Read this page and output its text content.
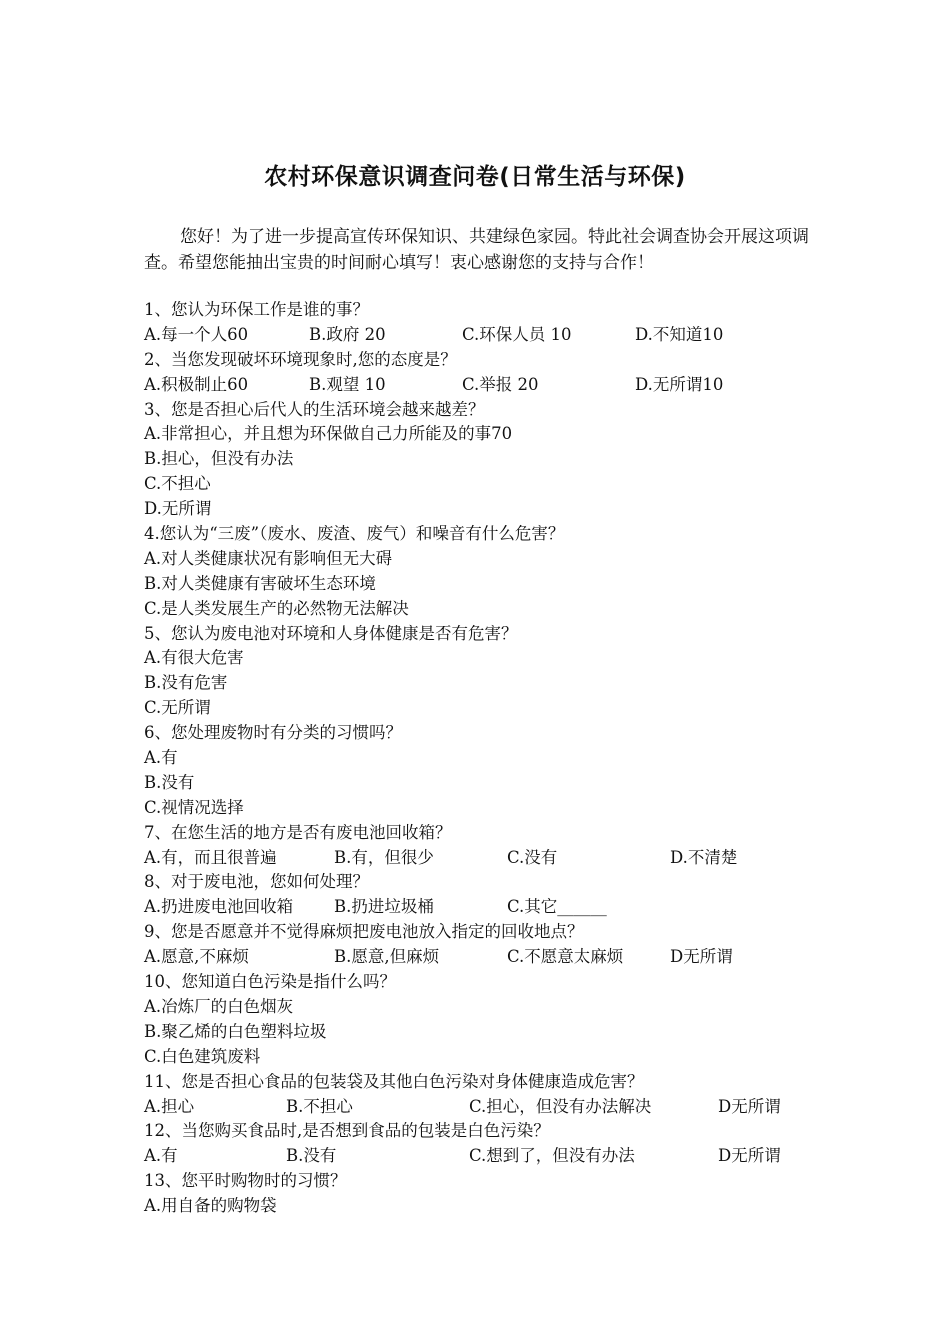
农村环保意识调查问卷(日常生活与环保)
您好！为了进一步提高宣传环保知识、共建绿色家园。特此社会调查协会开展这项调查。希望您能抽出宝贵的时间耐心填写！衷心感谢您的支持与合作！
1、您认为环保工作是谁的事？
A.每一个人60	B.政府 20	C.环保人员 10	D.不知道10
2、当您发现破坏环境现象时,您的态度是？
A.积极制止60	B.观望 10	C.举报 20	D.无所谓10
3、您是否担心后代人的生活环境会越来越差？
A.非常担心，并且想为环保做自己力所能及的事70
B.担心，但没有办法
C.不担心
D.无所谓
4.您认为“三废”（废水、废渣、废气）和噪音有什么危害？
A.对人类健康状况有影响但无大碍
B.对人类健康有害破坏生态环境
C.是人类发展生产的必然物无法解决
5、您认为废电池对环境和人身体健康是否有危害？
A.有很大危害
B.没有危害
C.无所谓
6、您处理废物时有分类的习惯吗？
A.有
B.没有
C.视情况选择
7、在您生活的地方是否有废电池回收箱？
A.有，而且很普遍	B.有，但很少	C.没有	D.不清楚
8、对于废电池，您如何处理？
A.扔进废电池回收箱 B.扔进垃圾桶	C.其它______
9、您是否愿意并不觉得麻烦把废电池放入指定的回收地点？
A.愿意,不麻烦	B.愿意,但麻烦	C.不愿意太麻烦	D无所谓
10、您知道白色污染是指什么吗？
A.冶炼厂的白色烟灰
B.聚乙烯的白色塑料垃圾
C.白色建筑废料
11、您是否担心食品的包装袋及其他白色污染对身体健康造成危害？
A.担心	B.不担心	C.担心，但没有办法解决	D无所谓
12、当您购买食品时,是否想到食品的包装是白色污染？
A.有	B.没有	C.想到了，但没有办法	D无所谓
13、您平时购物时的习惯？
A.用自备的购物袋
